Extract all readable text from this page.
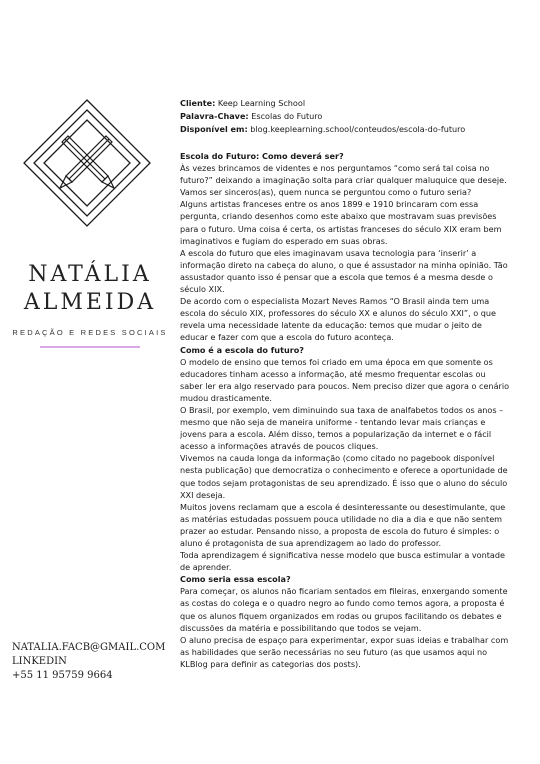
NATÁLIA
ALMEIDA
REDAÇÃO E REDES SOCIAIS
NATALIA.FACB@GMAIL.COM
LINKEDIN
+55 11 95759 9664
Cliente: Keep Learning School
Palavra-Chave: Escolas do Futuro
Disponível em: blog.keeplearning.school/conteudos/escola-do-futuro

Escola do Futuro: Como deverá ser?

Às vezes brincamos de videntes e nos perguntamos “como será tal coisa no futuro?” deixando a imaginação solta para criar qualquer maluquice que deseje. Vamos ser sinceros(as), quem nunca se perguntou como o futuro seria?

Alguns artistas franceses entre os anos 1899 e 1910 brincaram com essa pergunta, criando desenhos como este abaixo que mostravam suas previsões para o futuro. Uma coisa é certa, os artistas franceses do século XIX eram bem imaginativos e fugiam do esperado em suas obras.

A escola do futuro que eles imaginavam usava tecnologia para ‘inserir’ a informação direto na cabeça do aluno, o que é assustador na minha opinião. Tão assustador quanto isso é pensar que a escola que temos é a mesma desde o século XIX.

De acordo com o especialista Mozart Neves Ramos “O Brasil ainda tem uma escola do século XIX, professores do século XX e alunos do século XXI”, o que revela uma necessidade latente da educação: temos que mudar o jeito de educar e fazer com que a escola do futuro aconteça.

Como é a escola do futuro?

O modelo de ensino que temos foi criado em uma época em que somente os educadores tinham acesso a informação, até mesmo frequentar escolas ou saber ler era algo reservado para poucos. Nem preciso dizer que agora o cenário mudou drasticamente.

O Brasil, por exemplo, vem diminuindo sua taxa de analfabetos todos os anos – mesmo que não seja de maneira uniforme - tentando levar mais crianças e jovens para a escola. Além disso, temos a popularização da internet e o fácil acesso a informações através de poucos cliques.

Vivemos na cauda longa da informação (como citado no pagebook disponível nesta publicação) que democratiza o conhecimento e oferece a oportunidade de que todos sejam protagonistas de seu aprendizado. É isso que o aluno do século XXI deseja.

Muitos jovens reclamam que a escola é desinteressante ou desestimulante, que as matérias estudadas possuem pouca utilidade no dia a dia e que não sentem prazer ao estudar. Pensando nisso, a proposta de escola do futuro é simples: o aluno é protagonista de sua aprendizagem ao lado do professor.

Toda aprendizagem é significativa nesse modelo que busca estimular a vontade de aprender.

Como seria essa escola?

Para começar, os alunos não ficariam sentados em fileiras, enxergando somente as costas do colega e o quadro negro ao fundo como temos agora, a proposta é que os alunos fiquem organizados em rodas ou grupos facilitando os debates e discussões da matéria e possibilitando que todos se vejam.

O aluno precisa de espaço para experimentar, expor suas ideias e trabalhar com as habilidades que serão necessárias no seu futuro (as que usamos aqui no KLBlog para definir as categorias dos posts).
